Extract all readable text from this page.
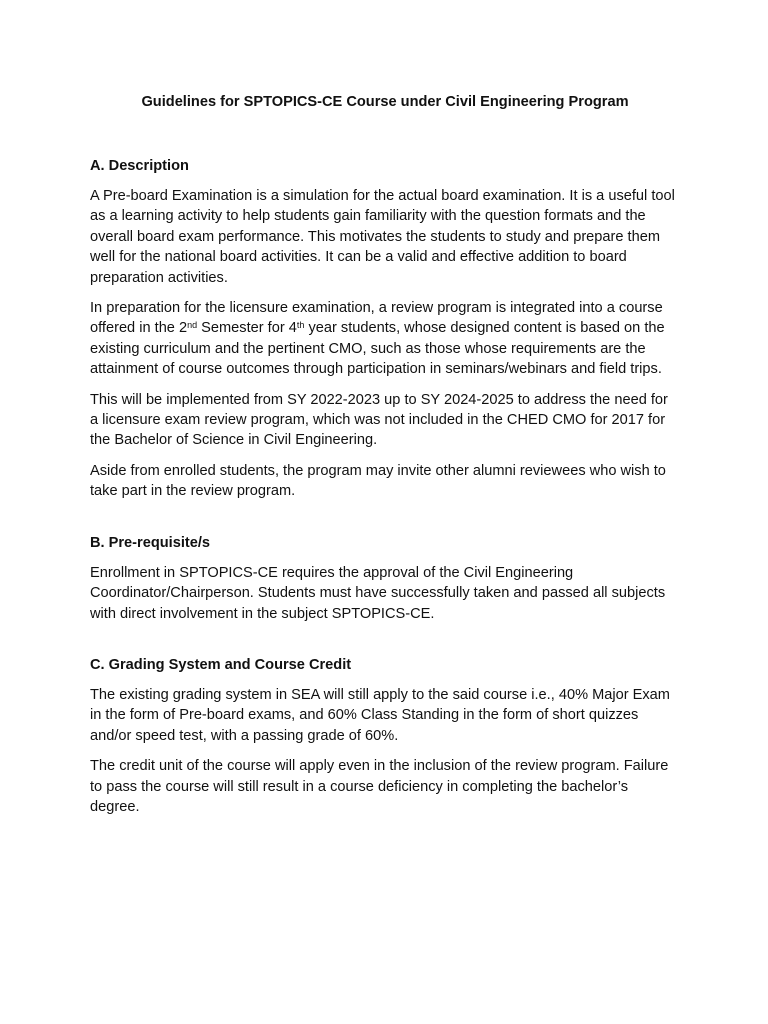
Guidelines for SPTOPICS-CE Course under Civil Engineering Program
A. Description

A Pre-board Examination is a simulation for the actual board examination. It is a useful tool as a learning activity to help students gain familiarity with the question formats and the overall board exam performance. This motivates the students to study and prepare them well for the national board activities. It can be a valid and effective addition to board preparation activities.

In preparation for the licensure examination, a review program is integrated into a course offered in the 2nd Semester for 4th year students, whose designed content is based on the existing curriculum and the pertinent CMO, such as those whose requirements are the attainment of course outcomes through participation in seminars/webinars and field trips.

This will be implemented from SY 2022-2023 up to SY 2024-2025 to address the need for a licensure exam review program, which was not included in the CHED CMO for 2017 for the Bachelor of Science in Civil Engineering.

Aside from enrolled students, the program may invite other alumni reviewees who wish to take part in the review program.

B. Pre-requisite/s

Enrollment in SPTOPICS-CE requires the approval of the Civil Engineering Coordinator/Chairperson. Students must have successfully taken and passed all subjects with direct involvement in the subject SPTOPICS-CE.

C. Grading System and Course Credit

The existing grading system in SEA will still apply to the said course i.e., 40% Major Exam in the form of Pre-board exams, and 60% Class Standing in the form of short quizzes and/or speed test, with a passing grade of 60%.

The credit unit of the course will apply even in the inclusion of the review program. Failure to pass the course will still result in a course deficiency in completing the bachelor’s degree.
